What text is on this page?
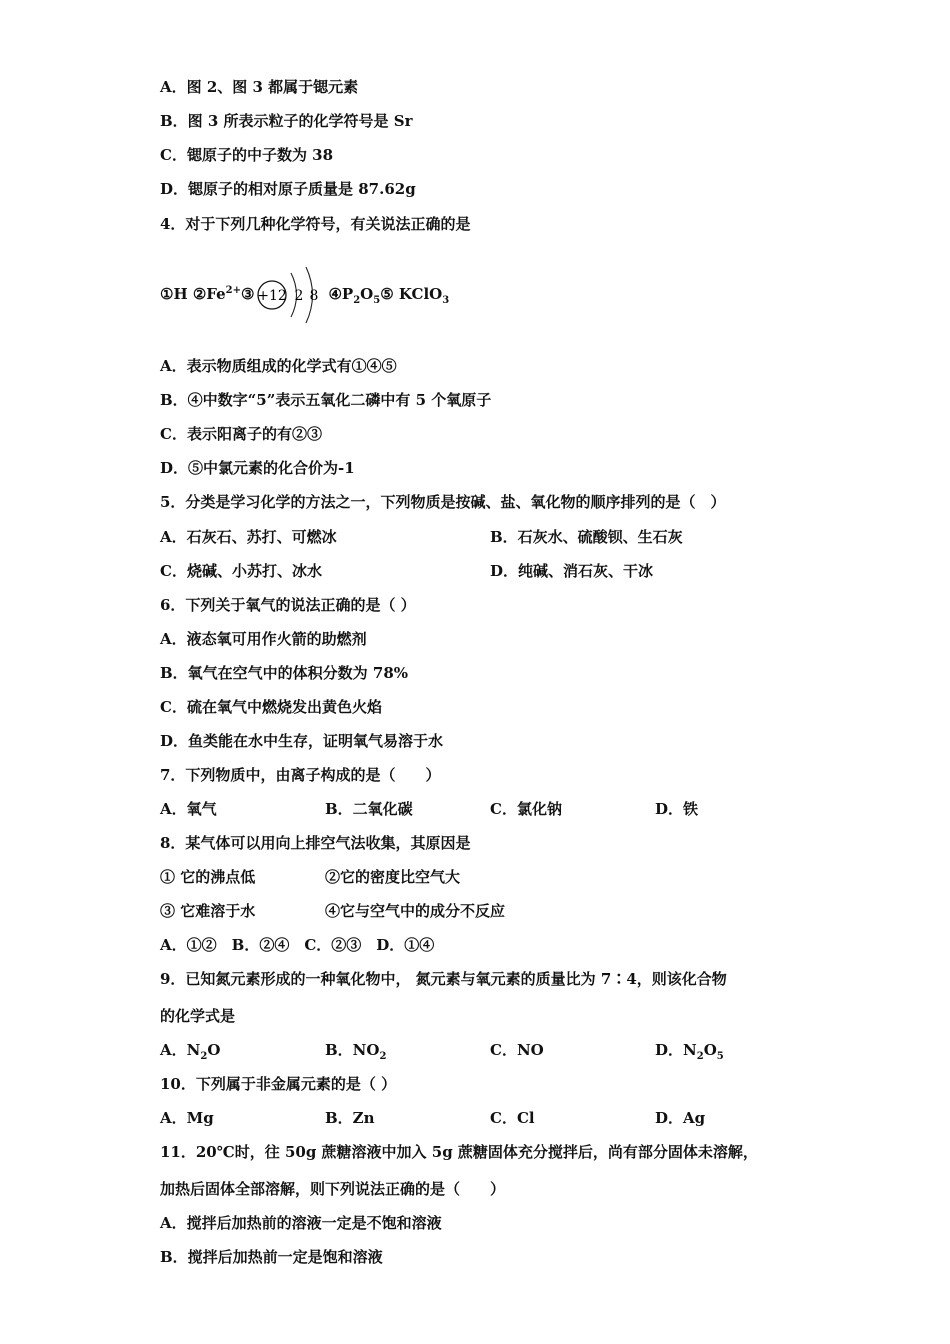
A．图 2、图 3 都属于锶元素
B．图 3 所表示粒子的化学符号是 Sr
C．锶原子的中子数为 38
D．锶原子的相对原子质量是 87.62g
4．对于下列几种化学符号，有关说法正确的是
①H $②Fe^{2+}③ +12$ 2 8 $④P_2O_5⑤$ KClO$_3$
A．表示物质组成的化学式有①④⑤
B．④中数字“5”表示五氧化二磷中有 5 个氧原子
C．表示阳离子的有②③
D．⑤中氯元素的化合价为-1
5．分类是学习化学的方法之一，下列物质是按碱、盐、氧化物的顺序排列的是（　）
A．石灰石、苏打、可燃冰	B．石灰水、硫酸钡、生石灰
C．烧碱、小苏打、冰水	D．纯碱、消石灰、干冰
6．下列关于氧气的说法正确的是（ ）
A．液态氧可用作火箭的助燃剂
B．氧气在空气中的体积分数为 78%
C．硫在氧气中燃烧发出黄色火焰
D．鱼类能在水中生存，证明氧气易溶于水
7．下列物质中，由离子构成的是（　　）
A．氧气	B．二氧化碳	C．氯化钠	D．铁
8．某气体可以用向上排空气法收集，其原因是
① 它的沸点低	②它的密度比空气大
③ 它难溶于水	④它与空气中的成分不反应
A．①②　B．②④　C．②③　D．①④
9．已知氮元素形成的一种氧化物中， 氮元素与氧元素的质量比为 7∶4，则该化合物
的化学式是
A．$N_2O$	B．$NO_2$	C．NO	D．$N_2O_5$
10．下列属于非金属元素的是（ ）
A．Mg	B．Zn	C．Cl	D．Ag
11．20℃时，往 50g 蔗糖溶液中加入 5g 蔗糖固体充分搅拌后，尚有部分固体未溶解，
加热后固体全部溶解，则下列说法正确的是（　　）
A．搅拌后加热前的溶液一定是不饱和溶液
B．搅拌后加热前一定是饱和溶液
